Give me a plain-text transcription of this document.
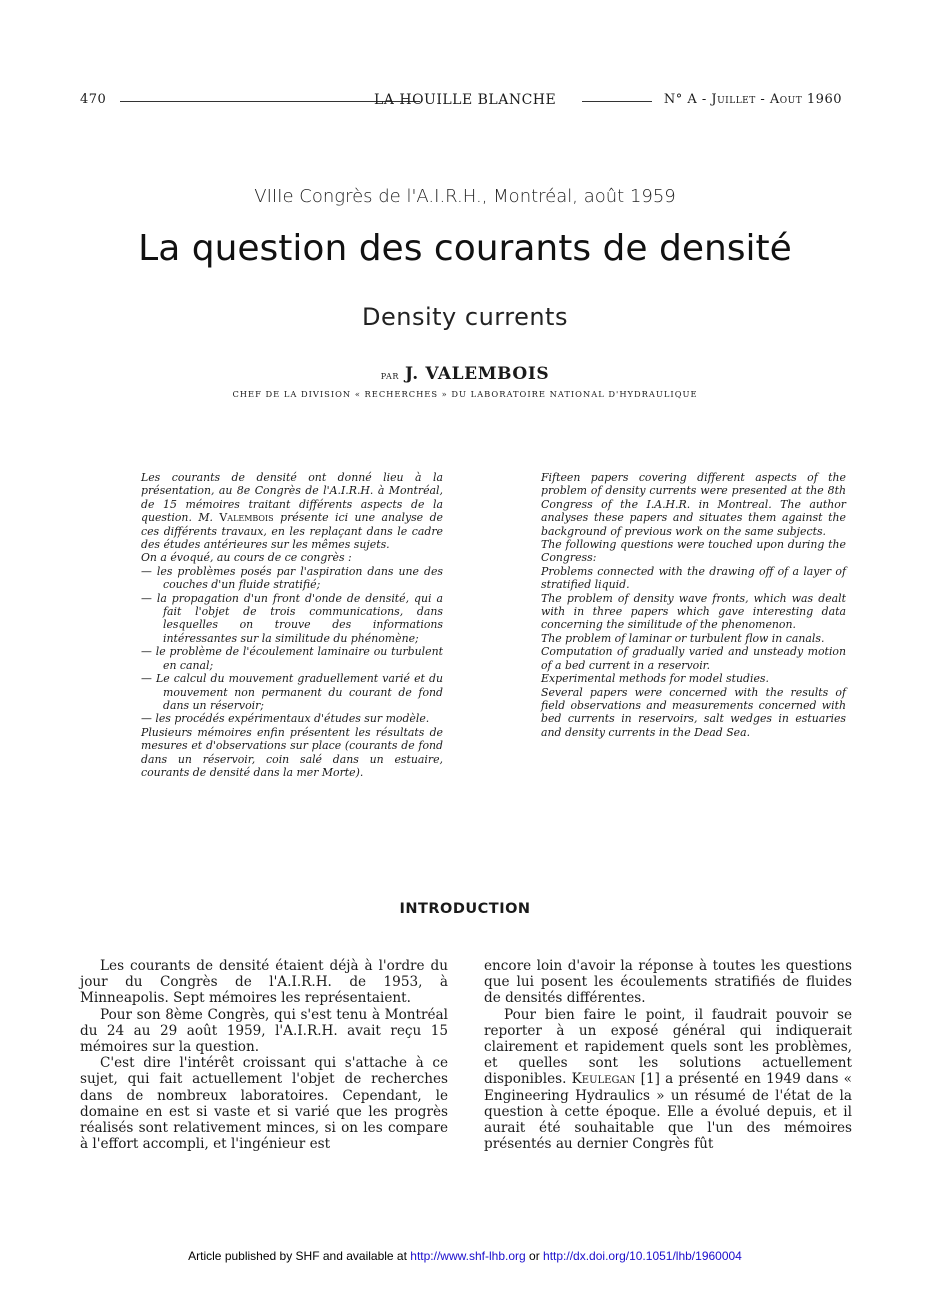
470	LA HOUILLE BLANCHE	N° A - Juillet - Aout 1960
VIIIe Congrès de l'A.I.R.H., Montréal, août 1959
La question des courants de densité
Density currents
par J. VALEMBOIS
CHEF DE LA DIVISION « RECHERCHES » DU LABORATOIRE NATIONAL D'HYDRAULIQUE

Les courants de densité ont donné lieu à la présentation, au 8e Congrès de l'A.I.R.H. à Montréal, de 15 mémoires traitant différents aspects de la question. M. Valembois présente ici une analyse de ces différents travaux, en les replaçant dans le cadre des études antérieures sur les mêmes sujets.

On a évoqué, au cours de ce congrès :

— les problèmes posés par l'aspiration dans une des couches d'un fluide stratifié;

— la propagation d'un front d'onde de densité, qui a fait l'objet de trois communications, dans lesquelles on trouve des informations intéressantes sur la similitude du phénomène;

— le problème de l'écoulement laminaire ou turbulent en canal;

— Le calcul du mouvement graduellement varié et du mouvement non permanent du courant de fond dans un réservoir;

— les procédés expérimentaux d'études sur modèle.

Plusieurs mémoires enfin présentent les résultats de mesures et d'observations sur place (courants de fond dans un réservoir, coin salé dans un estuaire, courants de densité dans la mer Morte).

Fifteen papers covering different aspects of the problem of density currents were presented at the 8th Congress of the I.A.H.R. in Montreal. The author analyses these papers and situates them against the background of previous work on the same subjects.

The following questions were touched upon during the Congress:

Problems connected with the drawing off of a layer of stratified liquid.

The problem of density wave fronts, which was dealt with in three papers which gave interesting data concerning the similitude of the phenomenon.

The problem of laminar or turbulent flow in canals.

Computation of gradually varied and unsteady motion of a bed current in a reservoir.

Experimental methods for model studies.

Several papers were concerned with the results of field observations and measurements concerned with bed currents in reservoirs, salt wedges in estuaries and density currents in the Dead Sea.

INTRODUCTION

Les courants de densité étaient déjà à l'ordre du jour du Congrès de l'A.I.R.H. de 1953, à Minneapolis. Sept mémoires les représentaient.

Pour son 8ème Congrès, qui s'est tenu à Montréal du 24 au 29 août 1959, l'A.I.R.H. avait reçu 15 mémoires sur la question.

C'est dire l'intérêt croissant qui s'attache à ce sujet, qui fait actuellement l'objet de recherches dans de nombreux laboratoires. Cependant, le domaine en est si vaste et si varié que les progrès réalisés sont relativement minces, si on les compare à l'effort accompli, et l'ingénieur est

encore loin d'avoir la réponse à toutes les questions que lui posent les écoulements stratifiés de fluides de densités différentes.

Pour bien faire le point, il faudrait pouvoir se reporter à un exposé général qui indiquerait clairement et rapidement quels sont les problèmes, et quelles sont les solutions actuellement disponibles. Keulegan [1] a présenté en 1949 dans « Engineering Hydraulics » un résumé de l'état de la question à cette époque. Elle a évolué depuis, et il aurait été souhaitable que l'un des mémoires présentés au dernier Congrès fût

Article published by SHF and available at http://www.shf-lhb.org or http://dx.doi.org/10.1051/lhb/1960004
